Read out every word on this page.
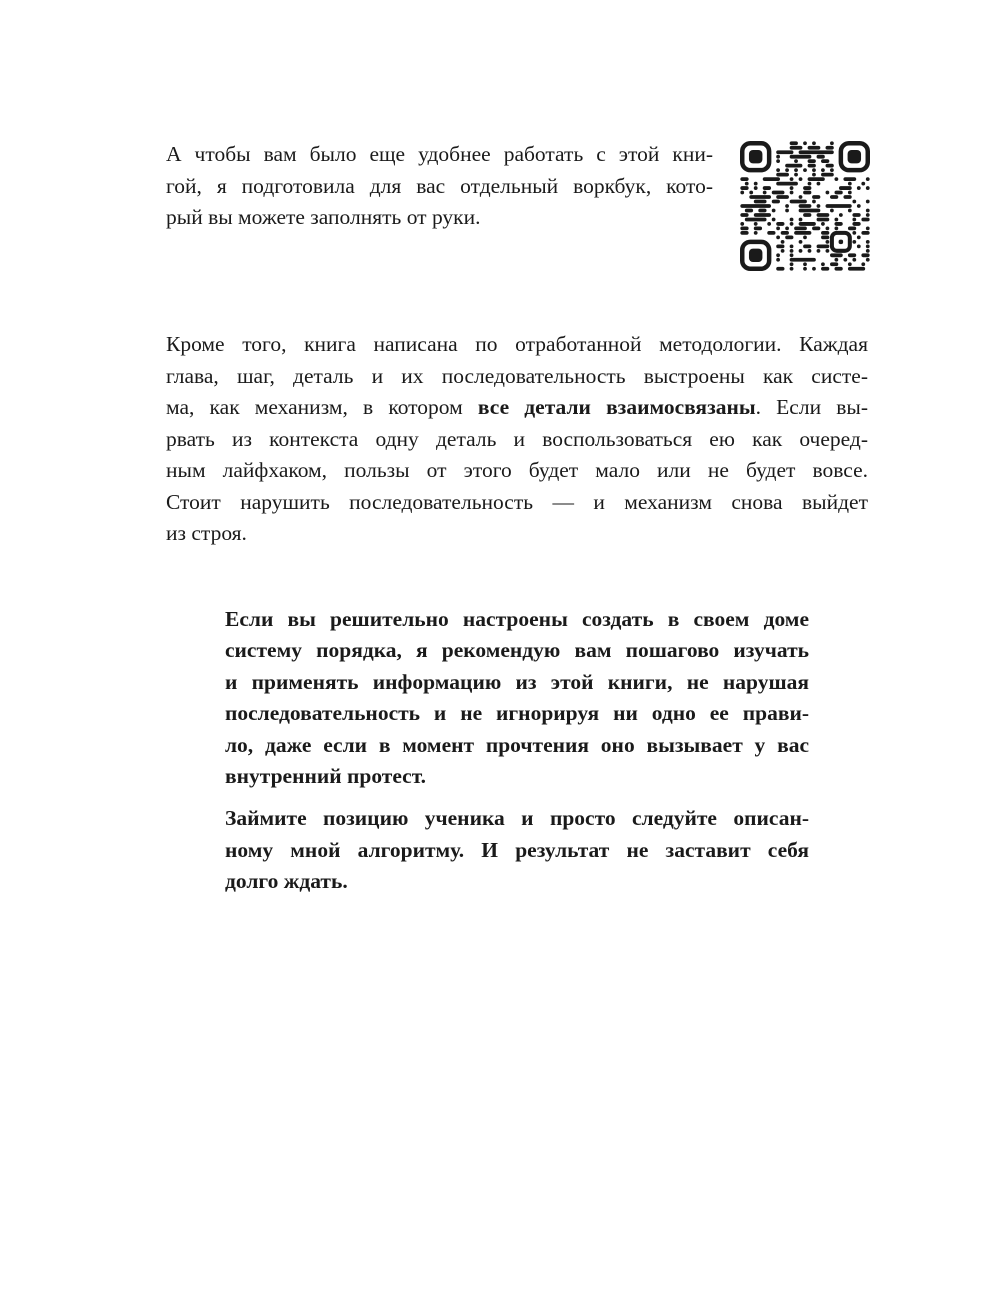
А чтобы вам было еще удобнее работать с этой кни-
гой, я подготовила для вас отдельный воркбук, кото-
рый вы можете заполнять от руки.
Кроме того, книга написана по отработанной методологии. Каждая
глава, шаг, деталь и их последовательность выстроены как систе-
ма, как механизм, в котором все детали взаимосвязаны. Если вы-
рвать из контекста одну деталь и воспользоваться ею как очеред-
ным лайфхаком, пользы от этого будет мало или не будет вовсе.
Стоит нарушить последовательность — и механизм снова выйдет
из строя.
Если вы решительно настроены создать в своем доме
систему порядка, я рекомендую вам пошагово изучать
и применять информацию из этой книги, не нарушая
последовательность и не игнорируя ни одно ее прави-
ло, даже если в момент прочтения оно вызывает у вас
внутренний протест.
Займите позицию ученика и просто следуйте описан-
ному мной алгоритму. И результат не заставит себя
долго ждать.
